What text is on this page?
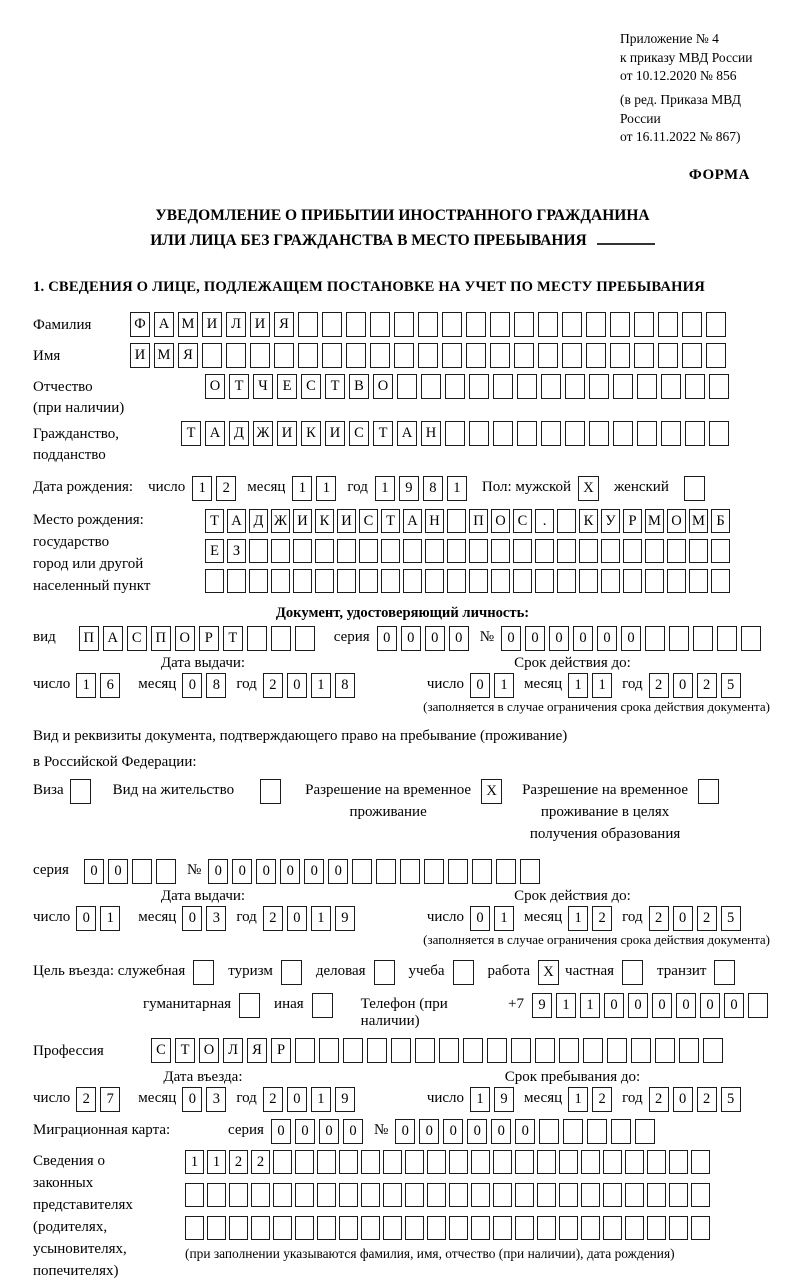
Приложение № 4
к приказу МВД России
от 10.12.2020 № 856
(в ред. Приказа МВД России
от 16.11.2022 № 867)
ФОРМА
УВЕДОМЛЕНИЕ О ПРИБЫТИИ ИНОСТРАННОГО ГРАЖДАНИНА
ИЛИ ЛИЦА БЕЗ ГРАЖДАНСТВА В МЕСТО ПРЕБЫВАНИЯ
1. СВЕДЕНИЯ О ЛИЦЕ, ПОДЛЕЖАЩЕМ ПОСТАНОВКЕ НА УЧЕТ ПО МЕСТУ ПРЕБЫВАНИЯ
Фамилия	Ф А М И Л И Я
Имя	И М Я
Отчество
(при наличии)
О Т	Ч	Е	С	Т	В О
Гражданство,
подданство
Т А Д Ж И К И С	Т А Н
Дата рождения: число 1	2	месяц 1	1	год 1	9	8	1	Пол: мужской X	женский
Место рождения:
государство
город или другой
населенный пункт
Т А Д Ж И К И С Т А Н П О С	.	К У Р М О М Б
Е З
Документ, удостоверяющий личность:
вид	П А С П О	Р	Т	серия 0	0	0	0	№ 0	0	0	0	0	0
Дата выдачи:	Срок действия до:
число 1	6	месяц 0	8	год 2	0	1	8	число 0	1	месяц 1	1	год 2	0	2	5
(заполняется в случае ограничения срока действия документа)
Вид и реквизиты документа, подтверждающего право на пребывание (проживание)
в Российской Федерации:
Виза	Вид на жительство	Разрешение на временное
проживание
X	Разрешение на временное
проживание в целях
получения образования
серия	0	0	№ 0	0	0	0	0	0
Дата выдачи:	Срок действия до:
число 0	1	месяц 0	3	год 2	0	1	9	число 0	1	месяц 1	2	год 2	0	2	5
(заполняется в случае ограничения срока действия документа)
Цель въезда: служебная	туризм	деловая	учеба	работа X частная	транзит
гуманитарная	иная	Телефон (при наличии)
+7 9	1	1	0	0	0	0	0	0
Профессия	С	Т О Л Я	Р
Дата въезда:	Срок пребывания до:
число 2	7	месяц 0	3	год 2	0	1	9	число 1	9	месяц 1	2	год 2	0	2	5
Миграционная карта:	серия 0	0	0	0	№ 0	0	0	0	0	0
Сведения о
законных
представителях
(родителях,
усыновителях,
попечителях)
1	1	2	2
(при заполнении указываются фамилия, имя, отчество (при наличии), дата рождения)
